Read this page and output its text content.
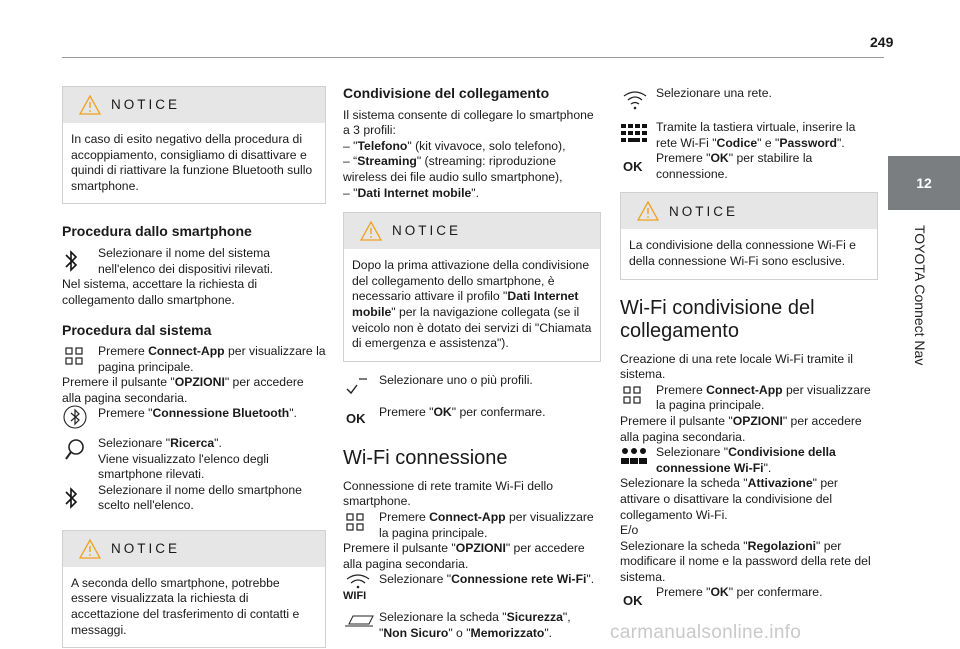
249
12
TOYOTA Connect Nav
NOTICE

In caso di esito negativo della procedura di accoppiamento, consigliamo di disattivare e quindi di riattivare la funzione Bluetooth sullo smartphone.

Procedura dallo smartphone

Selezionare il nome del sistema nell'elenco dei dispositivi rilevati.

Nel sistema, accettare la richiesta di collegamento dallo smartphone.

Procedura dal sistema

Premere Connect-App per visualizzare la pagina principale.

Premere il pulsante "OPZIONI" per accedere alla pagina secondaria.

Premere "Connessione Bluetooth".

Selezionare "Ricerca".

Viene visualizzato l'elenco degli smartphone rilevati.

Selezionare il nome dello smartphone scelto nell'elenco.

NOTICE

A seconda dello smartphone, potrebbe essere visualizzata la richiesta di accettazione del trasferimento di contatti e messaggi.

Condivisione del collegamento

Il sistema consente di collegare lo smartphone a 3 profili:

– "Telefono" (kit vivavoce, solo telefono),

– “Streaming" (streaming: riproduzione wireless dei file audio sullo smartphone),

– "Dati Internet mobile".

NOTICE

Dopo la prima attivazione della condivisione del collegamento dello smartphone, è necessario attivare il profilo "Dati Internet mobile" per la navigazione collegata (se il veicolo non è dotato dei servizi di "Chiamata di emergenza e assistenza").

Selezionare uno o più profili.

OK Premere "OK" per confermare.

Wi-Fi connessione

Connessione di rete tramite Wi-Fi dello smartphone.

Premere Connect-App per visualizzare la pagina principale.

Premere il pulsante "OPZIONI" per accedere alla pagina secondaria.

WIFI

Selezionare "Connessione rete Wi-Fi".

Selezionare la scheda "Sicurezza", "Non Sicuro" o "Memorizzato".

Selezionare una rete.

Tramite la tastiera virtuale, inserire la rete Wi-Fi "Codice" e "Password".

OK

Premere "OK" per stabilire la connessione.

NOTICE

La condivisione della connessione Wi-Fi e della connessione Wi-Fi sono esclusive.

Wi-Fi condivisione del collegamento

Creazione di una rete locale Wi-Fi tramite il sistema.

Premere Connect-App per visualizzare la pagina principale.

Premere il pulsante "OPZIONI" per accedere alla pagina secondaria.

Selezionare "Condivisione della connessione Wi-Fi".

Selezionare la scheda "Attivazione" per attivare o disattivare la condivisione del collegamento Wi-Fi.

E/o

Selezionare la scheda "Regolazioni" per modificare il nome e la password della rete del sistema.

OK

Premere "OK" per confermare.

carmanualsonline.info
